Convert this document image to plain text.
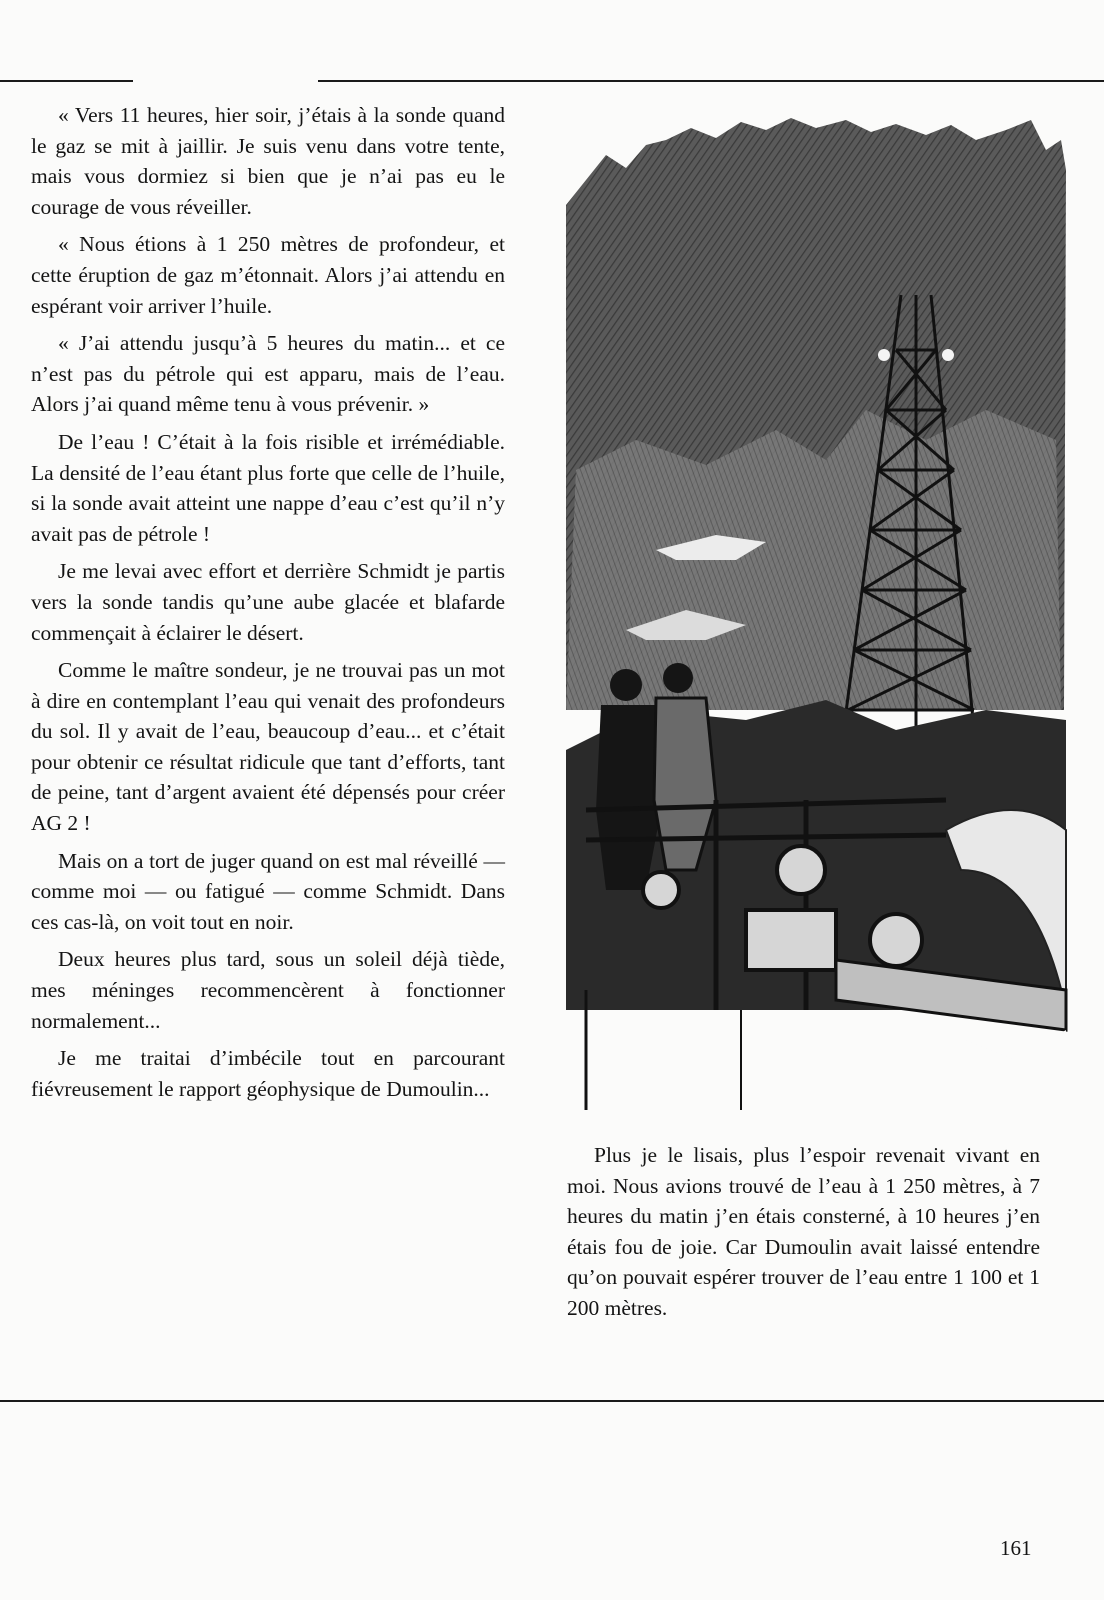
« Vers 11 heures, hier soir, j’étais à la sonde quand le gaz se mit à jaillir. Je suis venu dans votre tente, mais vous dormiez si bien que je n’ai pas eu le courage de vous réveiller.

« Nous étions à 1 250 mètres de profondeur, et cette éruption de gaz m’étonnait. Alors j’ai attendu en espérant voir arriver l’huile.

« J’ai attendu jusqu’à 5 heures du matin... et ce n’est pas du pétrole qui est apparu, mais de l’eau. Alors j’ai quand même tenu à vous prévenir. »

De l’eau ! C’était à la fois risible et irrémédiable. La densité de l’eau étant plus forte que celle de l’huile, si la sonde avait atteint une nappe d’eau c’est qu’il n’y avait pas de pétrole !

Je me levai avec effort et derrière Schmidt je partis vers la sonde tandis qu’une aube glacée et blafarde commençait à éclairer le désert.

Comme le maître sondeur, je ne trouvai pas un mot à dire en contemplant l’eau qui venait des profondeurs du sol. Il y avait de l’eau, beaucoup d’eau... et c’était pour obtenir ce résultat ridicule que tant d’efforts, tant de peine, tant d’argent avaient été dépensés pour créer AG 2 !

Mais on a tort de juger quand on est mal réveillé — comme moi — ou fatigué — comme Schmidt. Dans ces cas-là, on voit tout en noir.

Deux heures plus tard, sous un soleil déjà tiède, mes méninges recommencèrent à fonctionner normalement...

Je me traitai d’imbécile tout en parcourant fiévreusement le rapport géophysique de Dumoulin...

Plus je le lisais, plus l’espoir revenait vivant en moi. Nous avions trouvé de l’eau à 1 250 mètres, à 7 heures du matin j’en étais consterné, à 10 heures j’en étais fou de joie. Car Dumoulin avait laissé entendre qu’on pouvait espérer trouver de l’eau entre 1 100 et 1 200 mètres.

161
